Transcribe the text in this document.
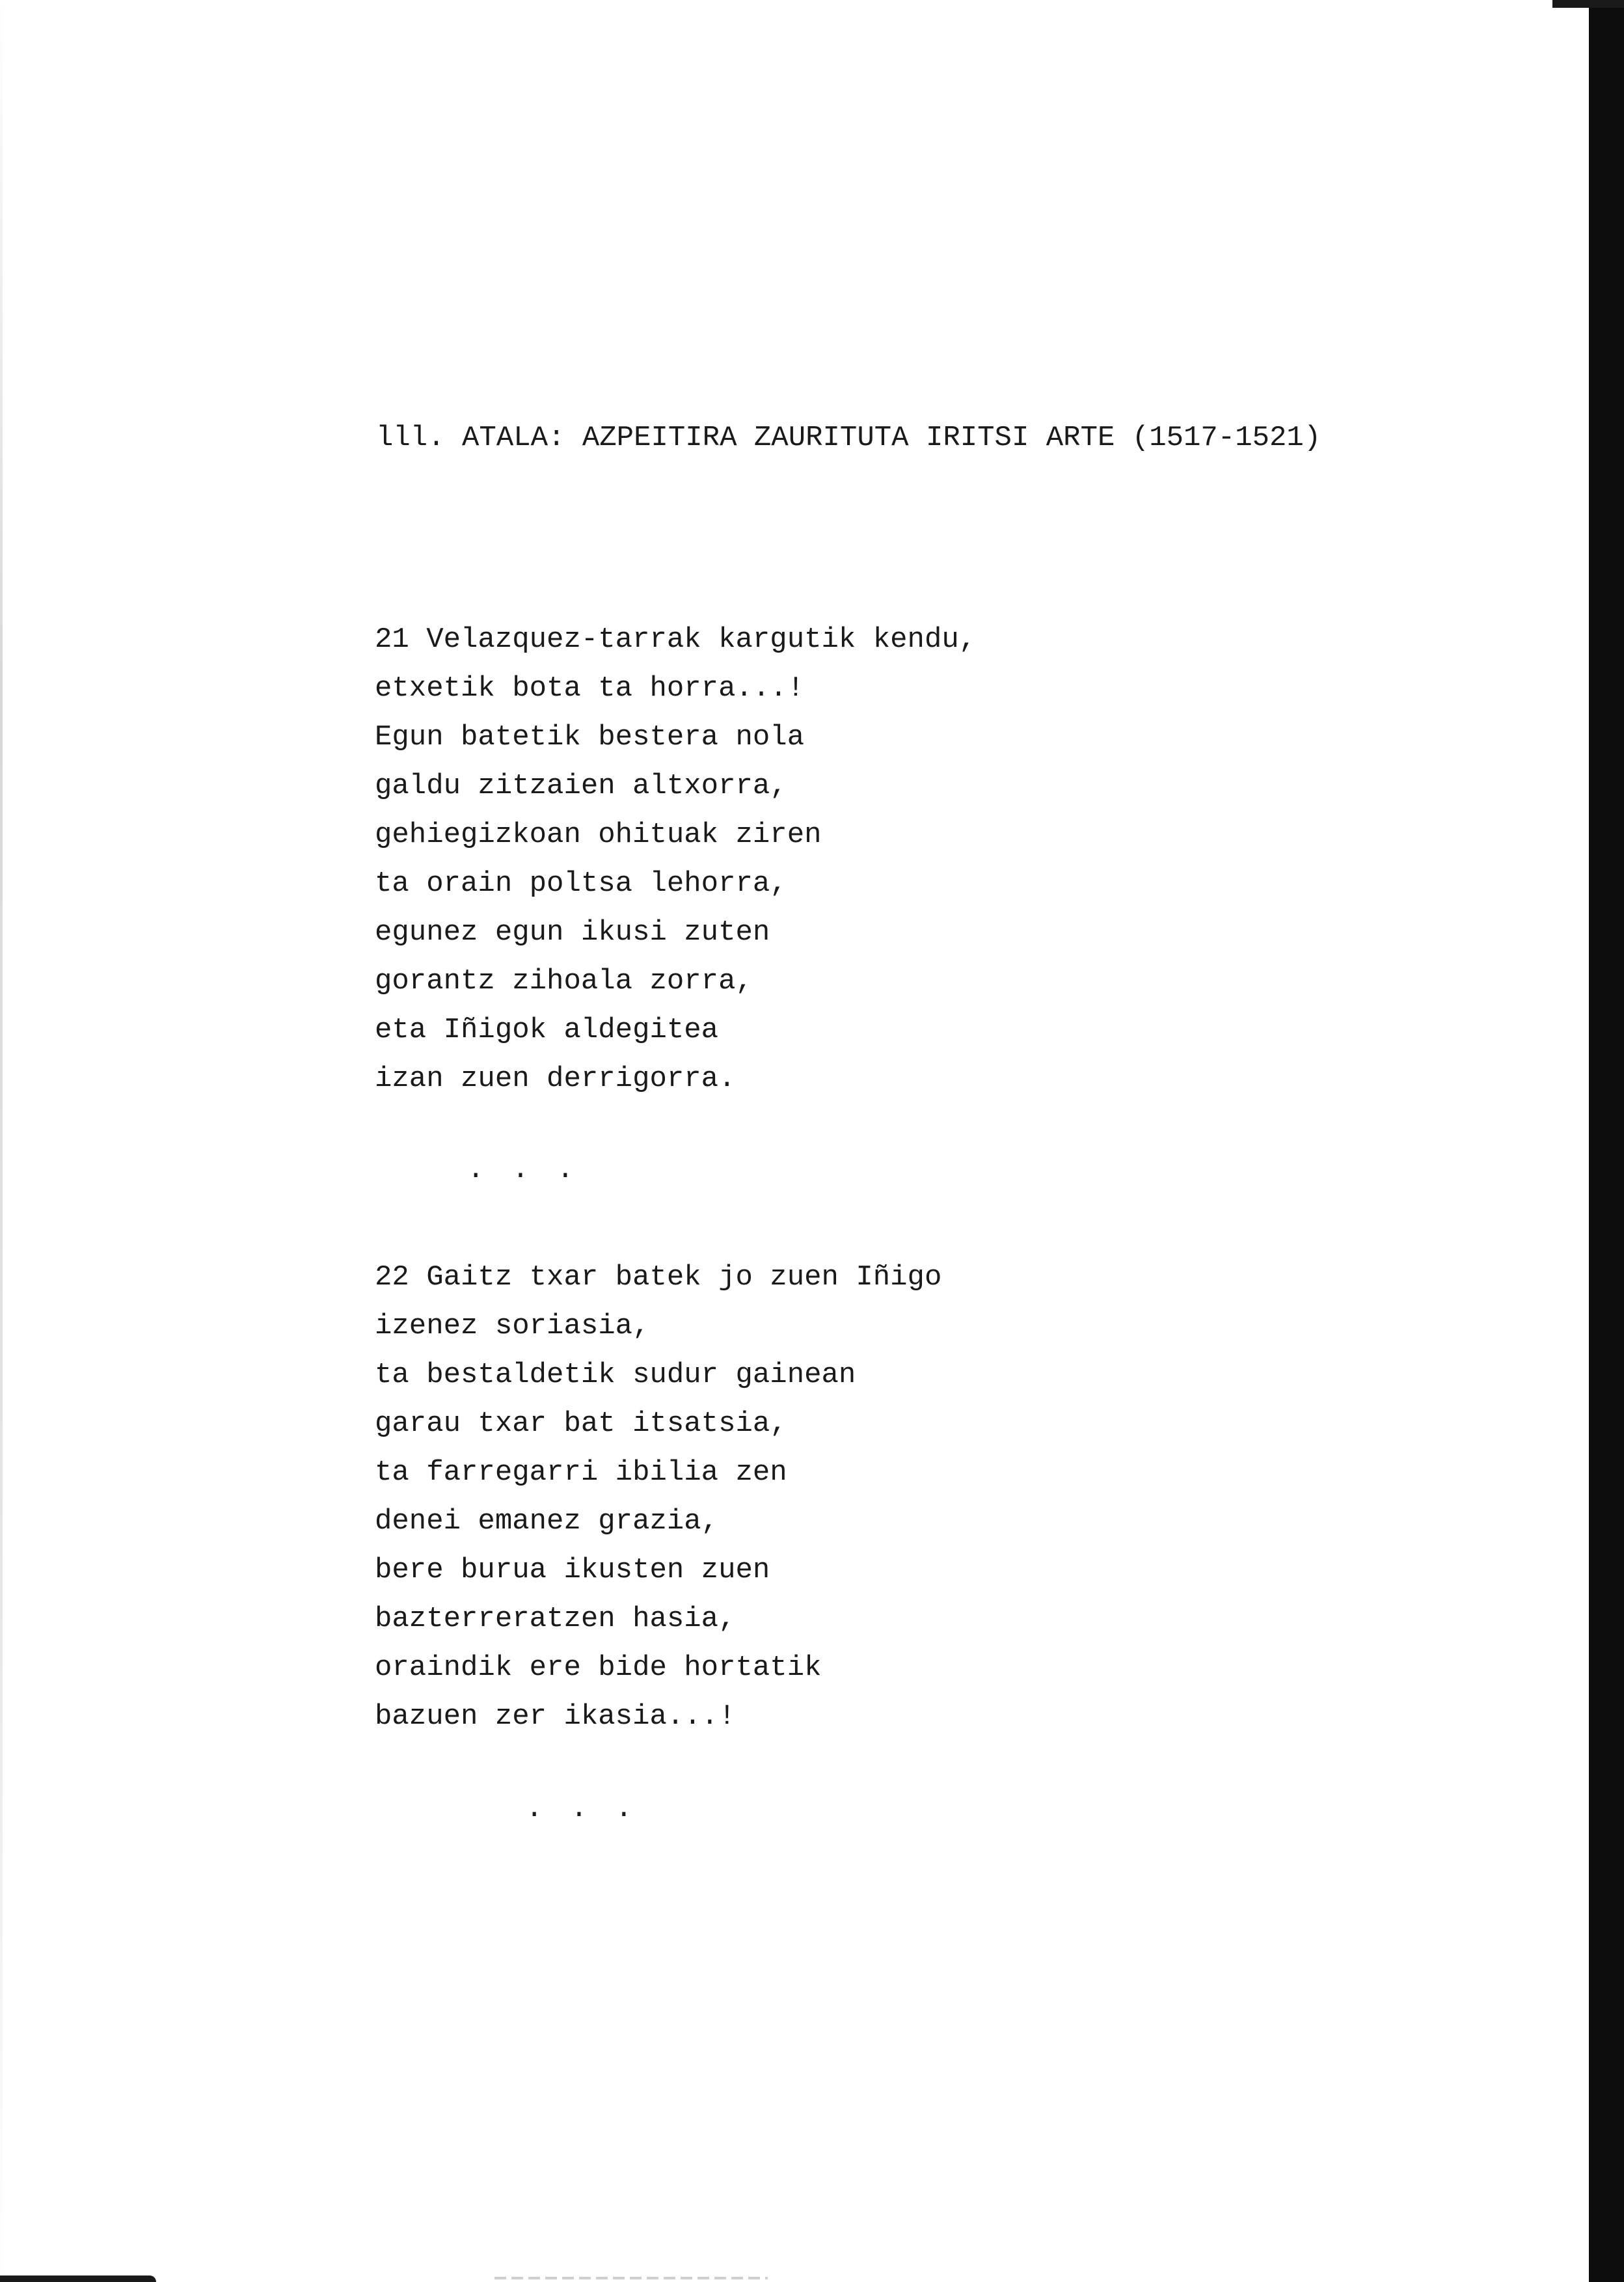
lll. ATALA: AZPEITIRA ZAURITUTA IRITSI ARTE (1517-1521)
21 Velazquez-tarrak kargutik kendu,
etxetik bota ta horra...!
Egun batetik bestera nola
galdu zitzaien altxorra,
gehiegizkoan ohituak ziren
ta orain poltsa lehorra,
egunez egun ikusi zuten
gorantz zihoala zorra,
eta Iñigok aldegitea
izan zuen derrigorra.
. . .
22 Gaitz txar batek jo zuen Iñigo
izenez soriasia,
ta bestaldetik sudur gainean
garau txar bat itsatsia,
ta farregarri ibilia zen
denei emanez grazia,
bere burua ikusten zuen
bazterreratzen hasia,
oraindik ere bide hortatik
bazuen zer ikasia...!
. . .
